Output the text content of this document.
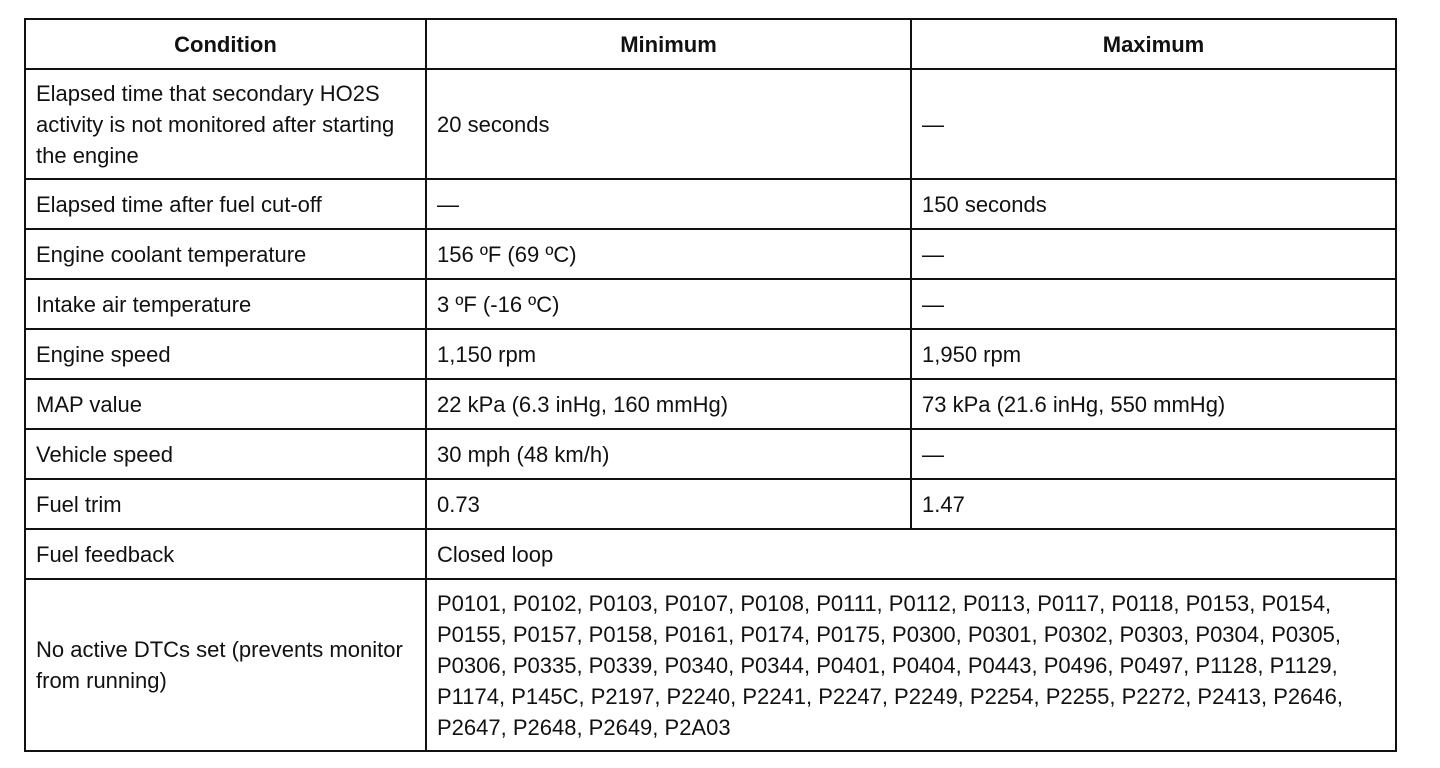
Condition	Minimum	Maximum
Elapsed time that secondary HO2S activity is not monitored after starting the engine	20 seconds	—
Elapsed time after fuel cut-off	—	150 seconds
Engine coolant temperature	156 ºF (69 ºC)	—
Intake air temperature	3 ºF (-16 ºC)	—
Engine speed	1,150 rpm	1,950 rpm
MAP value	22 kPa (6.3 inHg, 160 mmHg)	73 kPa (21.6 inHg, 550 mmHg)
Vehicle speed	30 mph (48 km/h)	—
Fuel trim	0.73	1.47
Fuel feedback	Closed loop	
No active DTCs set (prevents monitor from running)	P0101, P0102, P0103, P0107, P0108, P0111, P0112, P0113, P0117, P0118, P0153, P0154, P0155, P0157, P0158, P0161, P0174, P0175, P0300, P0301, P0302, P0303, P0304, P0305, P0306, P0335, P0339, P0340, P0344, P0401, P0404, P0443, P0496, P0497, P1128, P1129, P1174, P145C, P2197, P2240, P2241, P2247, P2249, P2254, P2255, P2272, P2413, P2646, P2647, P2648, P2649, P2A03	
